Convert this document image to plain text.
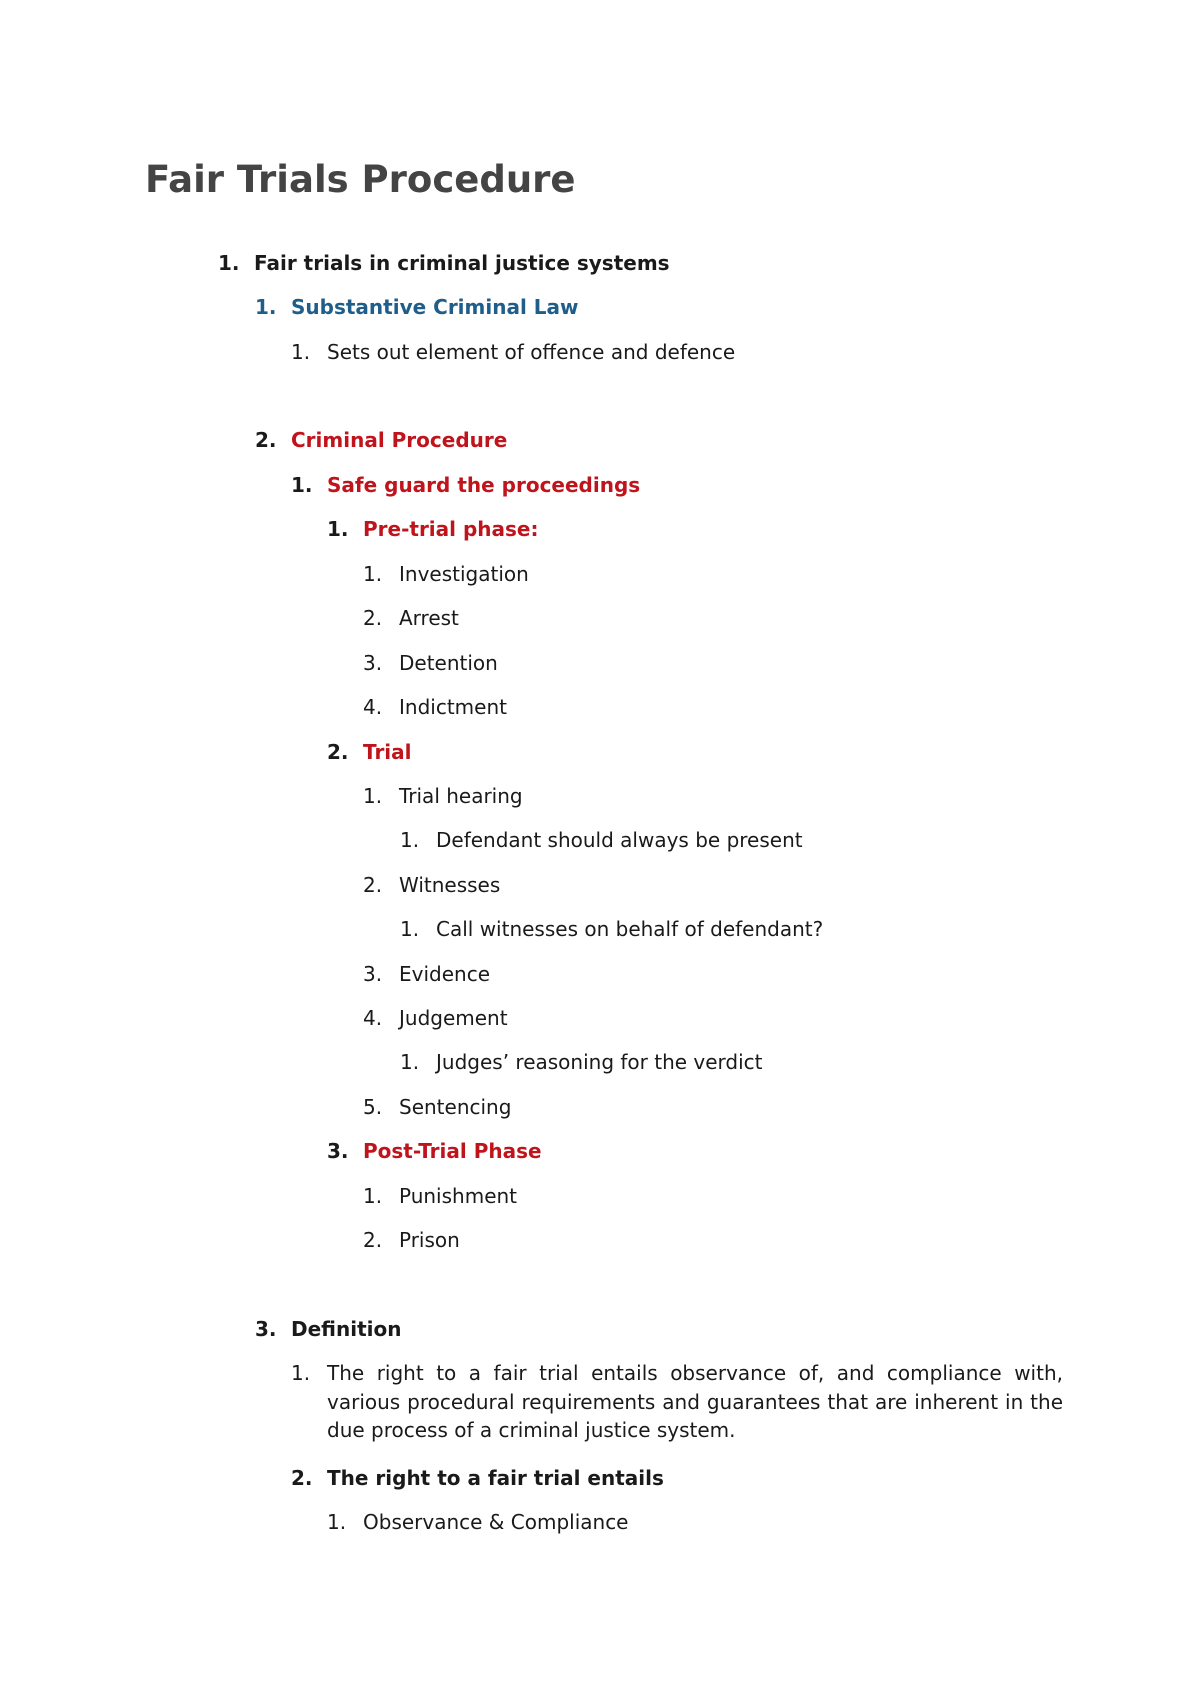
Fair Trials Procedure
1. Fair trials in criminal justice systems
1. Substantive Criminal Law
1. Sets out element of offence and defence
2. Criminal Procedure
1. Safe guard the proceedings
1. Pre-trial phase:
1. Investigation
2. Arrest
3. Detention
4. Indictment
2. Trial
1. Trial hearing
1. Defendant should always be present
2. Witnesses
1. Call witnesses on behalf of defendant?
3. Evidence
4. Judgement
1. Judges’ reasoning for the verdict
5. Sentencing
3. Post-Trial Phase
1. Punishment
2. Prison
3. Definition
1. The right to a fair trial entails observance of, and compliance with, various procedural requirements and guarantees that are inherent in the due process of a criminal justice system.
2. The right to a fair trial entails
1. Observance & Compliance
